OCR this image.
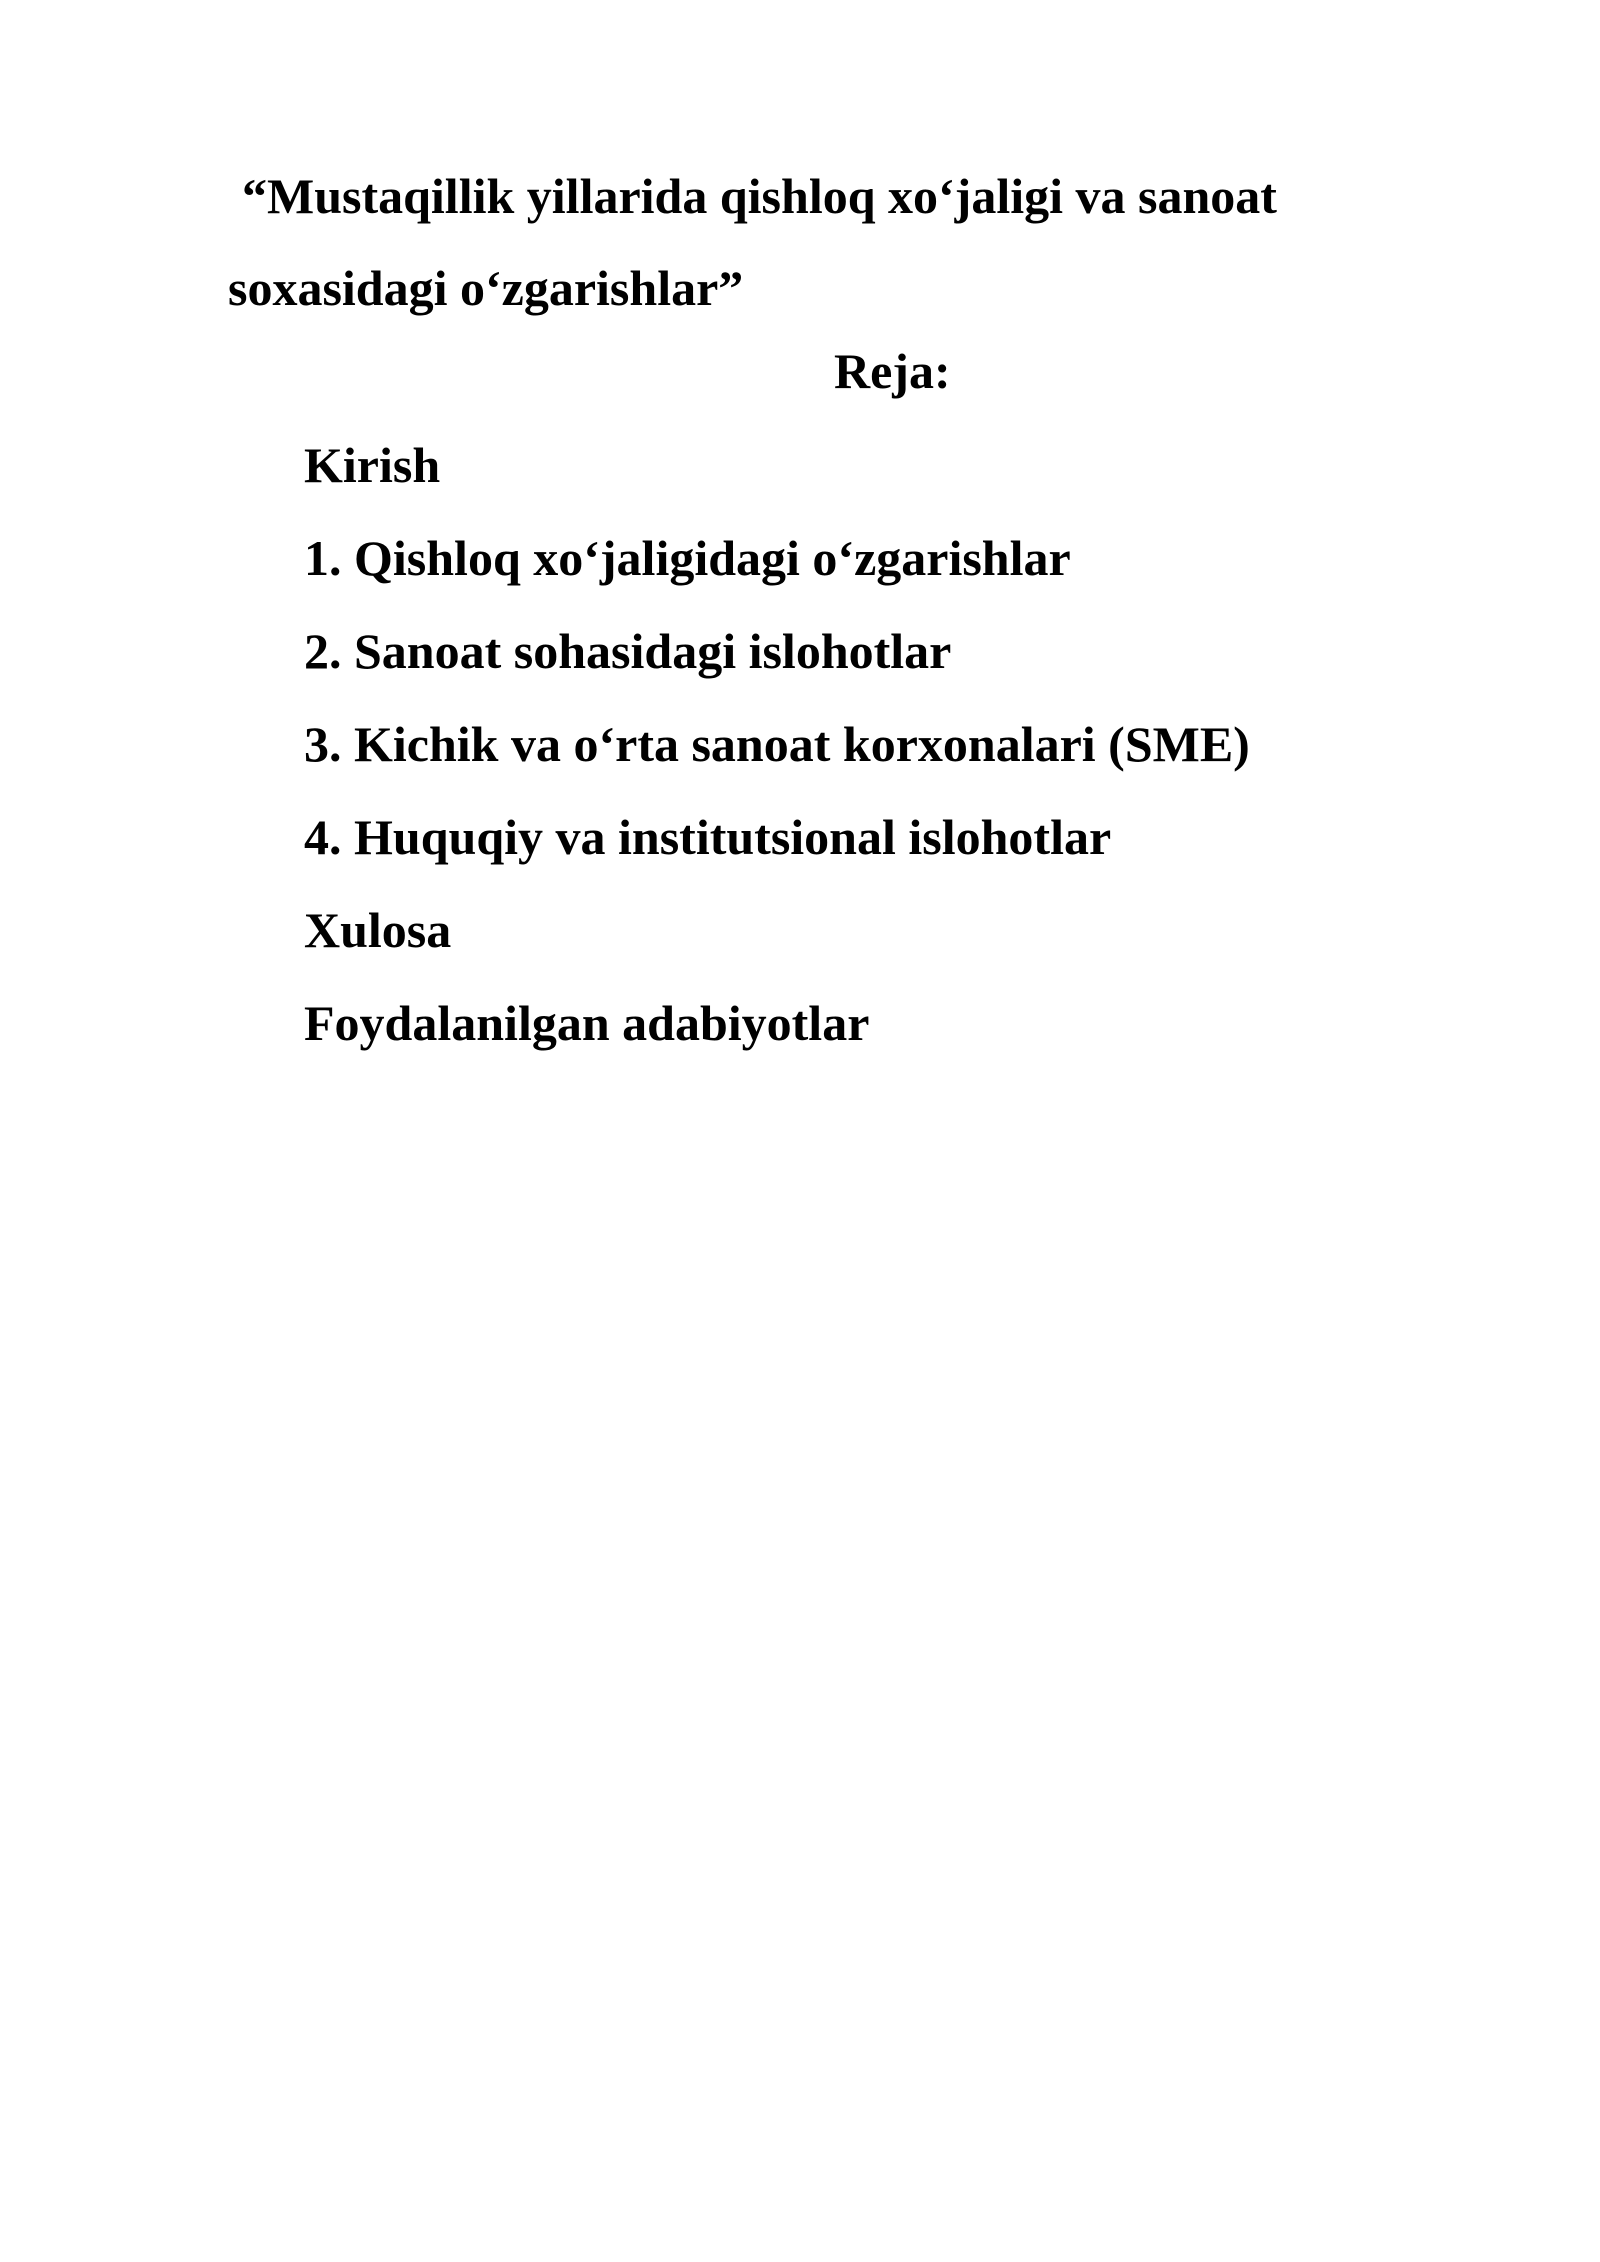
“Mustaqillik yillarida qishloq xo‘jaligi va sanoat
soxasidagi o‘zgarishlar”
Reja:
Kirish
1. Qishloq xo‘jaligidagi o‘zgarishlar
2. Sanoat sohasidagi islohotlar
3. Kichik va o‘rta sanoat korxonalari (SME)
4. Huquqiy va institutsional islohotlar
Xulosa
Foydalanilgan adabiyotlar
